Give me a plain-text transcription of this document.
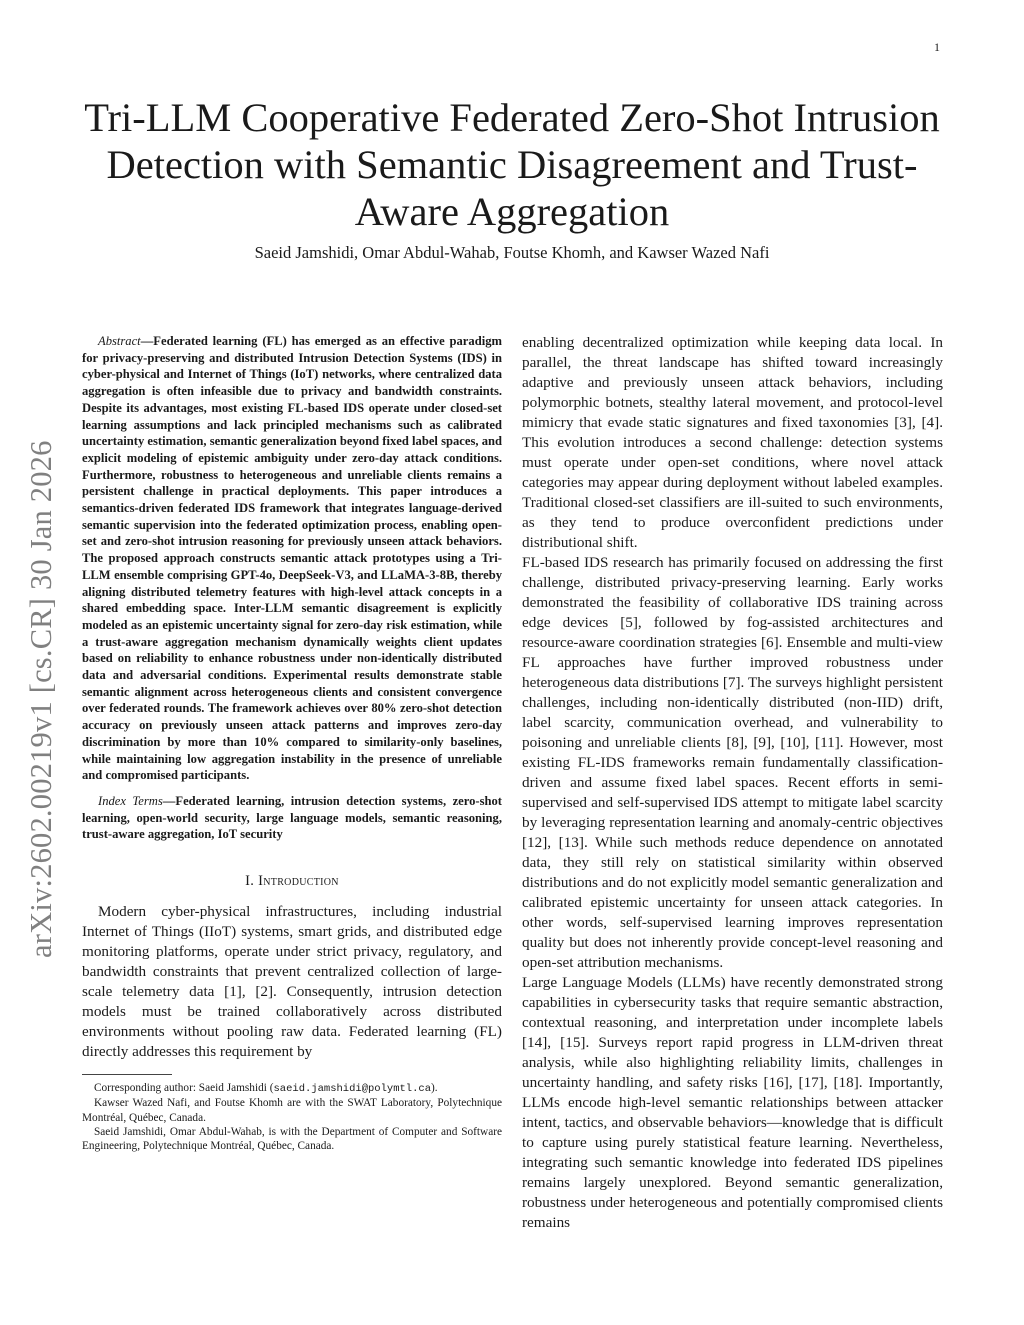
1
arXiv:2602.00219v1 [cs.CR] 30 Jan 2026
Tri-LLM Cooperative Federated Zero-Shot Intrusion Detection with Semantic Disagreement and Trust-Aware Aggregation
Saeid Jamshidi, Omar Abdul-Wahab, Foutse Khomh, and Kawser Wazed Nafi

Abstract—Federated learning (FL) has emerged as an effective paradigm for privacy-preserving and distributed Intrusion Detection Systems (IDS) in cyber-physical and Internet of Things (IoT) networks, where centralized data aggregation is often infeasible due to privacy and bandwidth constraints. Despite its advantages, most existing FL-based IDS operate under closed-set learning assumptions and lack principled mechanisms such as calibrated uncertainty estimation, semantic generalization beyond fixed label spaces, and explicit modeling of epistemic ambiguity under zero-day attack conditions. Furthermore, robustness to heterogeneous and unreliable clients remains a persistent challenge in practical deployments. This paper introduces a semantics-driven federated IDS framework that integrates language-derived semantic supervision into the federated optimization process, enabling open-set and zero-shot intrusion reasoning for previously unseen attack behaviors. The proposed approach constructs semantic attack prototypes using a Tri-LLM ensemble comprising GPT-4o, DeepSeek-V3, and LLaMA-3-8B, thereby aligning distributed telemetry features with high-level attack concepts in a shared embedding space. Inter-LLM semantic disagreement is explicitly modeled as an epistemic uncertainty signal for zero-day risk estimation, while a trust-aware aggregation mechanism dynamically weights client updates based on reliability to enhance robustness under non-identically distributed data and adversarial conditions. Experimental results demonstrate stable semantic alignment across heterogeneous clients and consistent convergence over federated rounds. The framework achieves over 80% zero-shot detection accuracy on previously unseen attack patterns and improves zero-day discrimination by more than 10% compared to similarity-only baselines, while maintaining low aggregation instability in the presence of unreliable and compromised participants.

Index Terms—Federated learning, intrusion detection systems, zero-shot learning, open-world security, large language models, semantic reasoning, trust-aware aggregation, IoT security

I. Introduction

Modern cyber-physical infrastructures, including industrial Internet of Things (IIoT) systems, smart grids, and distributed edge monitoring platforms, operate under strict privacy, regulatory, and bandwidth constraints that prevent centralized collection of large-scale telemetry data [1], [2]. Consequently, intrusion detection models must be trained collaboratively across distributed environments without pooling raw data. Federated learning (FL) directly addresses this requirement by

Corresponding author: Saeid Jamshidi (saeid.jamshidi@polymtl.ca).

Kawser Wazed Nafi, and Foutse Khomh are with the SWAT Laboratory, Polytechnique Montréal, Québec, Canada.

Saeid Jamshidi, Omar Abdul-Wahab, is with the Department of Computer and Software Engineering, Polytechnique Montréal, Québec, Canada.

enabling decentralized optimization while keeping data local. In parallel, the threat landscape has shifted toward increasingly adaptive and previously unseen attack behaviors, including polymorphic botnets, stealthy lateral movement, and protocol-level mimicry that evade static signatures and fixed taxonomies [3], [4]. This evolution introduces a second challenge: detection systems must operate under open-set conditions, where novel attack categories may appear during deployment without labeled examples. Traditional closed-set classifiers are ill-suited to such environments, as they tend to produce overconfident predictions under distributional shift.

FL-based IDS research has primarily focused on addressing the first challenge, distributed privacy-preserving learning. Early works demonstrated the feasibility of collaborative IDS training across edge devices [5], followed by fog-assisted architectures and resource-aware coordination strategies [6]. Ensemble and multi-view FL approaches have further improved robustness under heterogeneous data distributions [7]. The surveys highlight persistent challenges, including non-identically distributed (non-IID) drift, label scarcity, communication overhead, and vulnerability to poisoning and unreliable clients [8], [9], [10], [11]. However, most existing FL-IDS frameworks remain fundamentally classification-driven and assume fixed label spaces. Recent efforts in semi-supervised and self-supervised IDS attempt to mitigate label scarcity by leveraging representation learning and anomaly-centric objectives [12], [13]. While such methods reduce dependence on annotated data, they still rely on statistical similarity within observed distributions and do not explicitly model semantic generalization and calibrated epistemic uncertainty for unseen attack categories. In other words, self-supervised learning improves representation quality but does not inherently provide concept-level reasoning and open-set attribution mechanisms.

Large Language Models (LLMs) have recently demonstrated strong capabilities in cybersecurity tasks that require semantic abstraction, contextual reasoning, and interpretation under incomplete labels [14], [15]. Surveys report rapid progress in LLM-driven threat analysis, while also highlighting reliability limits, challenges in uncertainty handling, and safety risks [16], [17], [18]. Importantly, LLMs encode high-level semantic relationships between attacker intent, tactics, and observable behaviors—knowledge that is difficult to capture using purely statistical feature learning. Nevertheless, integrating such semantic knowledge into federated IDS pipelines remains largely unexplored. Beyond semantic generalization, robustness under heterogeneous and potentially compromised clients remains
